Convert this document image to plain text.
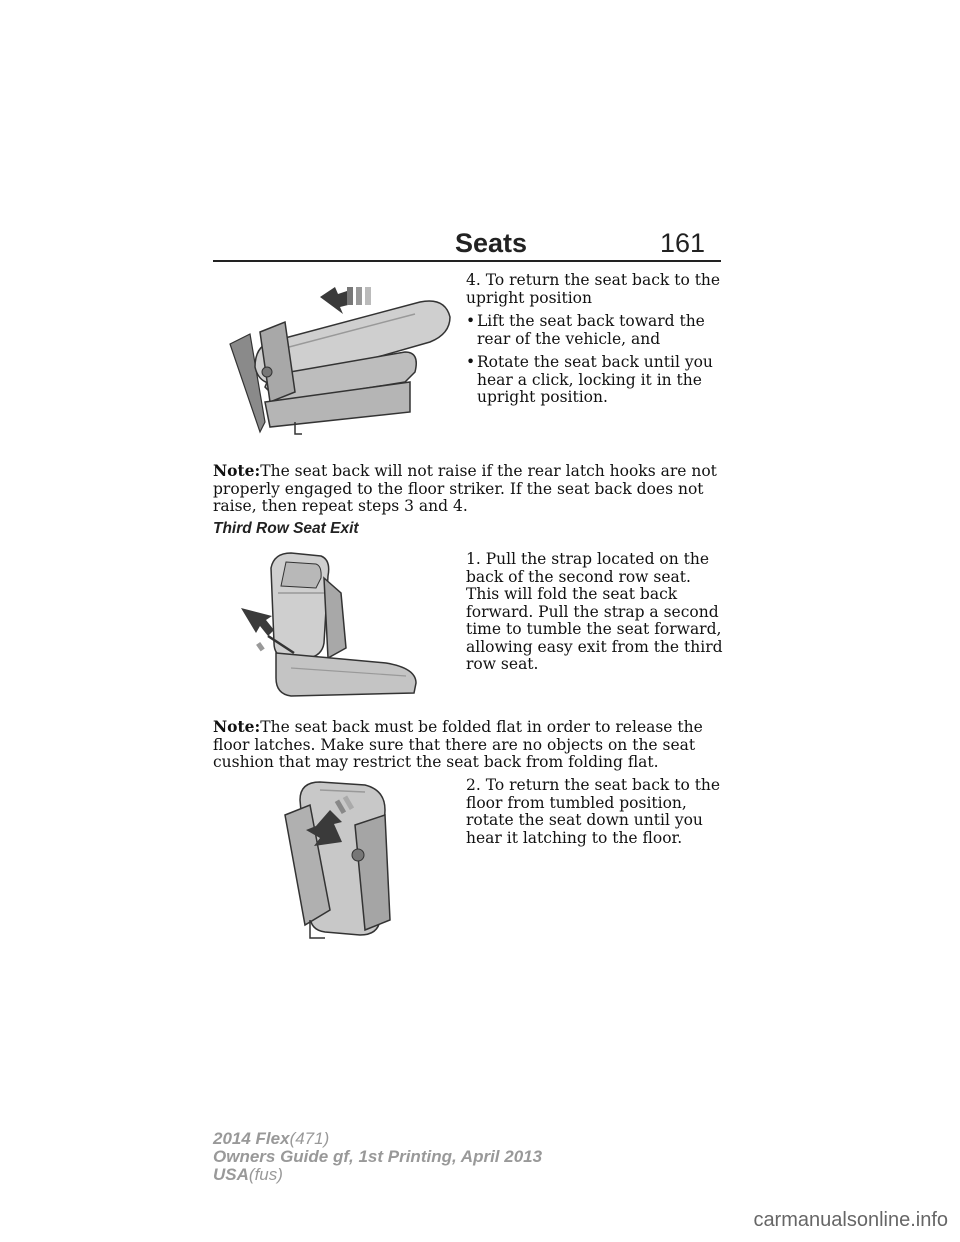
Seats	161
4. To return the seat back to the upright position
• Lift the seat back toward the rear of the vehicle, and
• Rotate the seat back until you hear a click, locking it in the upright position.
Note:The seat back will not raise if the rear latch hooks are not properly engaged to the floor striker. If the seat back does not raise, then repeat steps 3 and 4.
Third Row Seat Exit
1. Pull the strap located on the back of the second row seat. This will fold the seat back forward. Pull the strap a second time to tumble the seat forward, allowing easy exit from the third row seat.
Note:The seat back must be folded flat in order to release the floor latches. Make sure that there are no objects on the seat cushion that may restrict the seat back from folding flat.
2. To return the seat back to the floor from tumbled position, rotate the seat down until you hear it latching to the floor.
2014 Flex(471)
Owners Guide gf, 1st Printing, April 2013
USA(fus)
carmanualsonline.info
